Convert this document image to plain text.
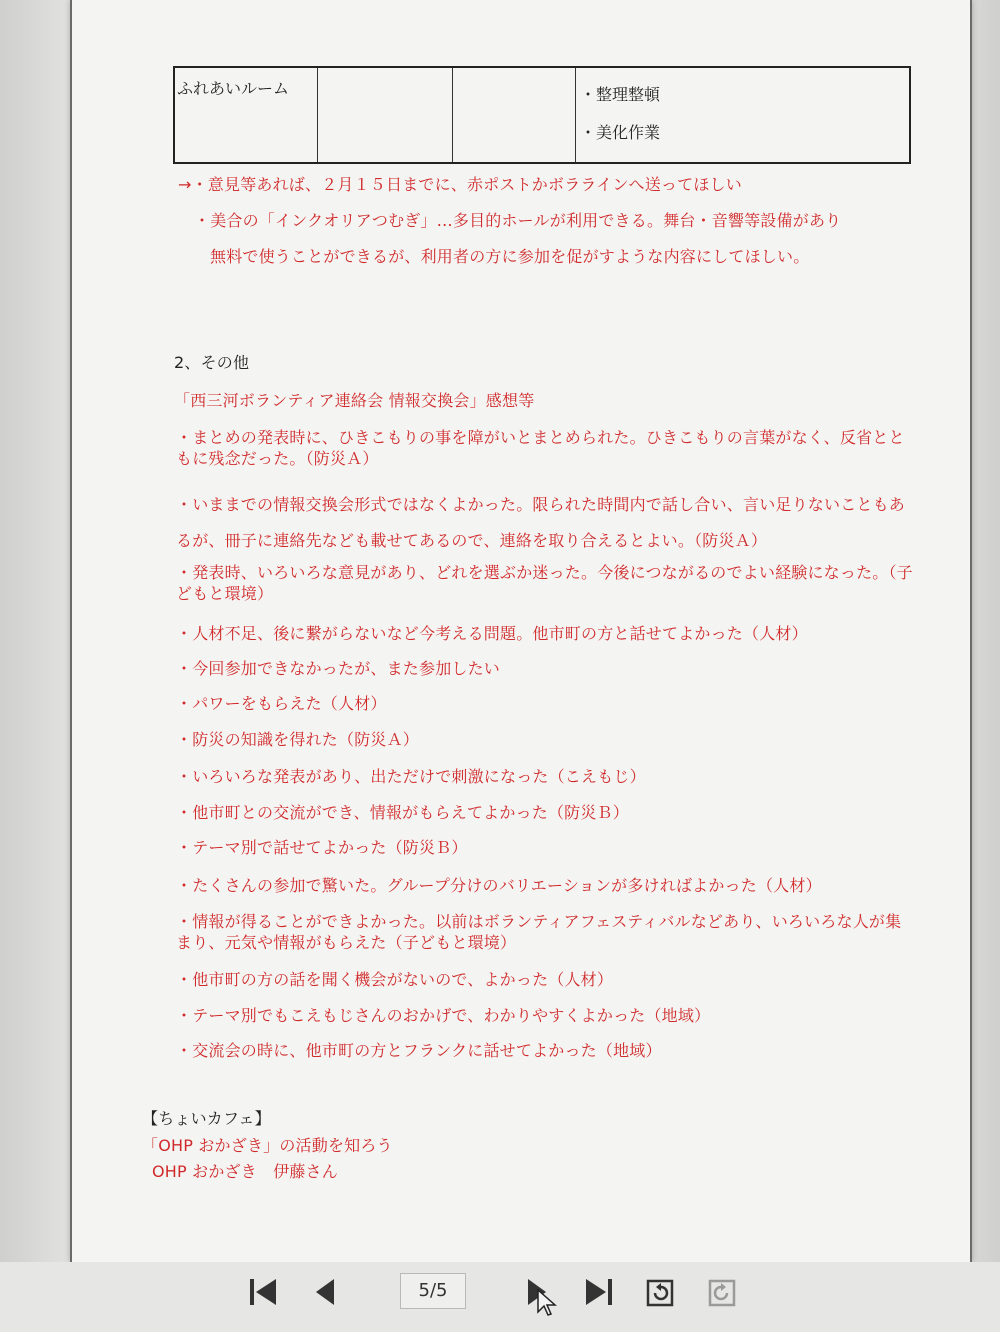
ふれあいルーム			・整理整頓
・美化作業
→・意見等あれば、２月１５日までに、赤ポストかボララインへ送ってほしい
・美合の「インクオリアつむぎ」…多目的ホールが利用できる。舞台・音響等設備があり
無料で使うことができるが、利用者の方に参加を促がすような内容にしてほしい。
2、その他
「西三河ボランティア連絡会 情報交換会」感想等
・まとめの発表時に、ひきこもりの事を障がいとまとめられた。ひきこもりの言葉がなく、反省とともに残念だった。（防災Ａ）
・いままでの情報交換会形式ではなくよかった。限られた時間内で話し合い、言い足りないこともあるが、冊子に連絡先なども載せてあるので、連絡を取り合えるとよい。（防災Ａ）
・発表時、いろいろな意見があり、どれを選ぶか迷った。今後につながるのでよい経験になった。（子どもと環境）
・人材不足、後に繋がらないなど今考える問題。他市町の方と話せてよかった（人材）
・今回参加できなかったが、また参加したい
・パワーをもらえた（人材）
・防災の知識を得れた（防災Ａ）
・いろいろな発表があり、出ただけで刺激になった（こえもじ）
・他市町との交流ができ、情報がもらえてよかった（防災Ｂ）
・テーマ別で話せてよかった（防災Ｂ）
・たくさんの参加で驚いた。グループ分けのバリエーションが多ければよかった（人材）
・情報が得ることができよかった。以前はボランティアフェスティバルなどあり、いろいろな人が集まり、元気や情報がもらえた（子どもと環境）
・他市町の方の話を聞く機会がないので、よかった（人材）
・テーマ別でもこえもじさんのおかげで、わかりやすくよかった（地域）
・交流会の時に、他市町の方とフランクに話せてよかった（地域）
【ちょいカフェ】
「OHP おかざき」の活動を知ろう
OHP おかざき　伊藤さん
5/5
